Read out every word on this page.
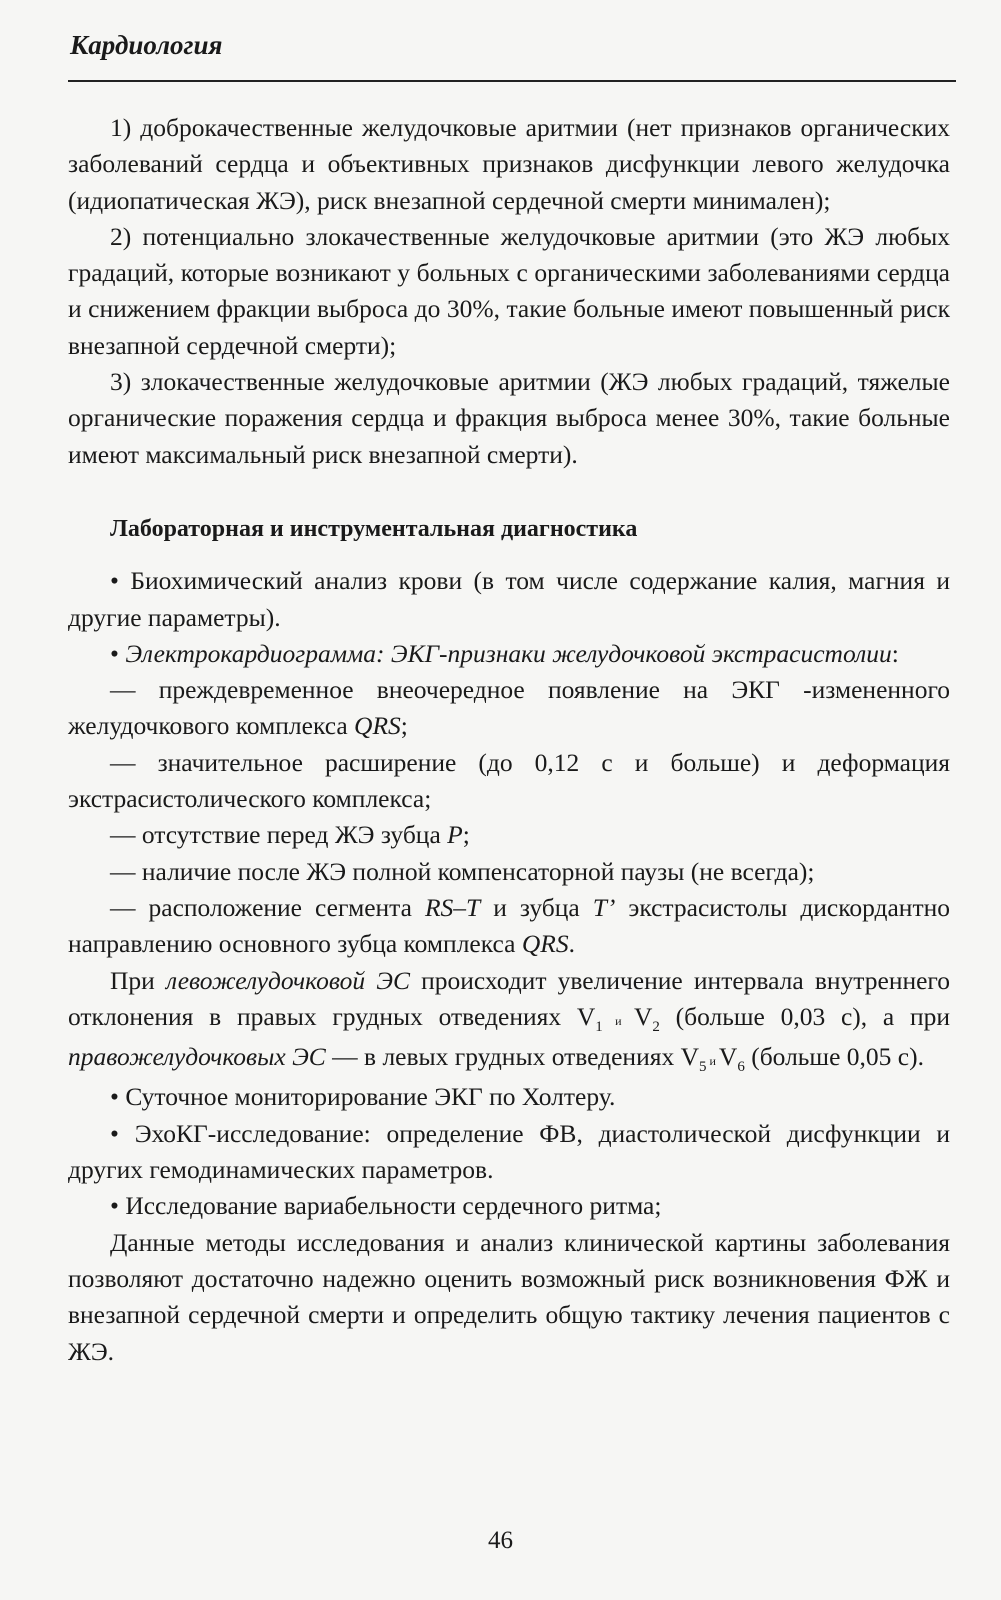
Кардиология

1) доброкачественные желудочковые аритмии (нет признаков органических заболеваний сердца и объективных признаков дисфункции левого желудочка (идиопатическая ЖЭ), риск внезапной сердечной смерти минимален);

2) потенциально злокачественные желудочковые аритмии (это ЖЭ любых градаций, которые возникают у больных с органическими заболеваниями сердца и снижением фракции выброса до 30%, такие больные имеют повышенный риск внезапной сердечной смерти);

3) злокачественные желудочковые аритмии (ЖЭ любых градаций, тяжелые органические поражения сердца и фракция выброса менее 30%, такие больные имеют максимальный риск внезапной смерти).

Лабораторная и инструментальная диагностика

• Биохимический анализ крови (в том числе содержание калия, магния и другие параметры).

• Электрокардиограмма: ЭКГ-признаки желудочковой экстрасистолии:

— преждевременное внеочередное появление на ЭКГ -измененного желудочкового комплекса QRS;

— значительное расширение (до 0,12 с и больше) и деформация экстрасистолического комплекса;

— отсутствие перед ЖЭ зубца P;

— наличие после ЖЭ полной компенсаторной паузы (не всегда);

— расположение сегмента RS–T и зубца T’ экстрасистолы дискордантно направлению основного зубца комплекса QRS.

При левожелудочковой ЭС происходит увеличение интервала внутреннего отклонения в правых грудных отведениях $V_1$ и $V_2$ (больше 0,03 с), а при правожелудочковых ЭС — в левых грудных отведениях $V_5$ и $V_6$ (больше 0,05 с).

• Суточное мониторирование ЭКГ по Холтеру.

• ЭхоКГ-исследование: определение ФВ, диастолической дисфункции и других гемодинамических параметров.

• Исследование вариабельности сердечного ритма;

Данные методы исследования и анализ клинической картины заболевания позволяют достаточно надежно оценить возможный риск возникновения ФЖ и внезапной сердечной смерти и определить общую тактику лечения пациентов с ЖЭ.

46
